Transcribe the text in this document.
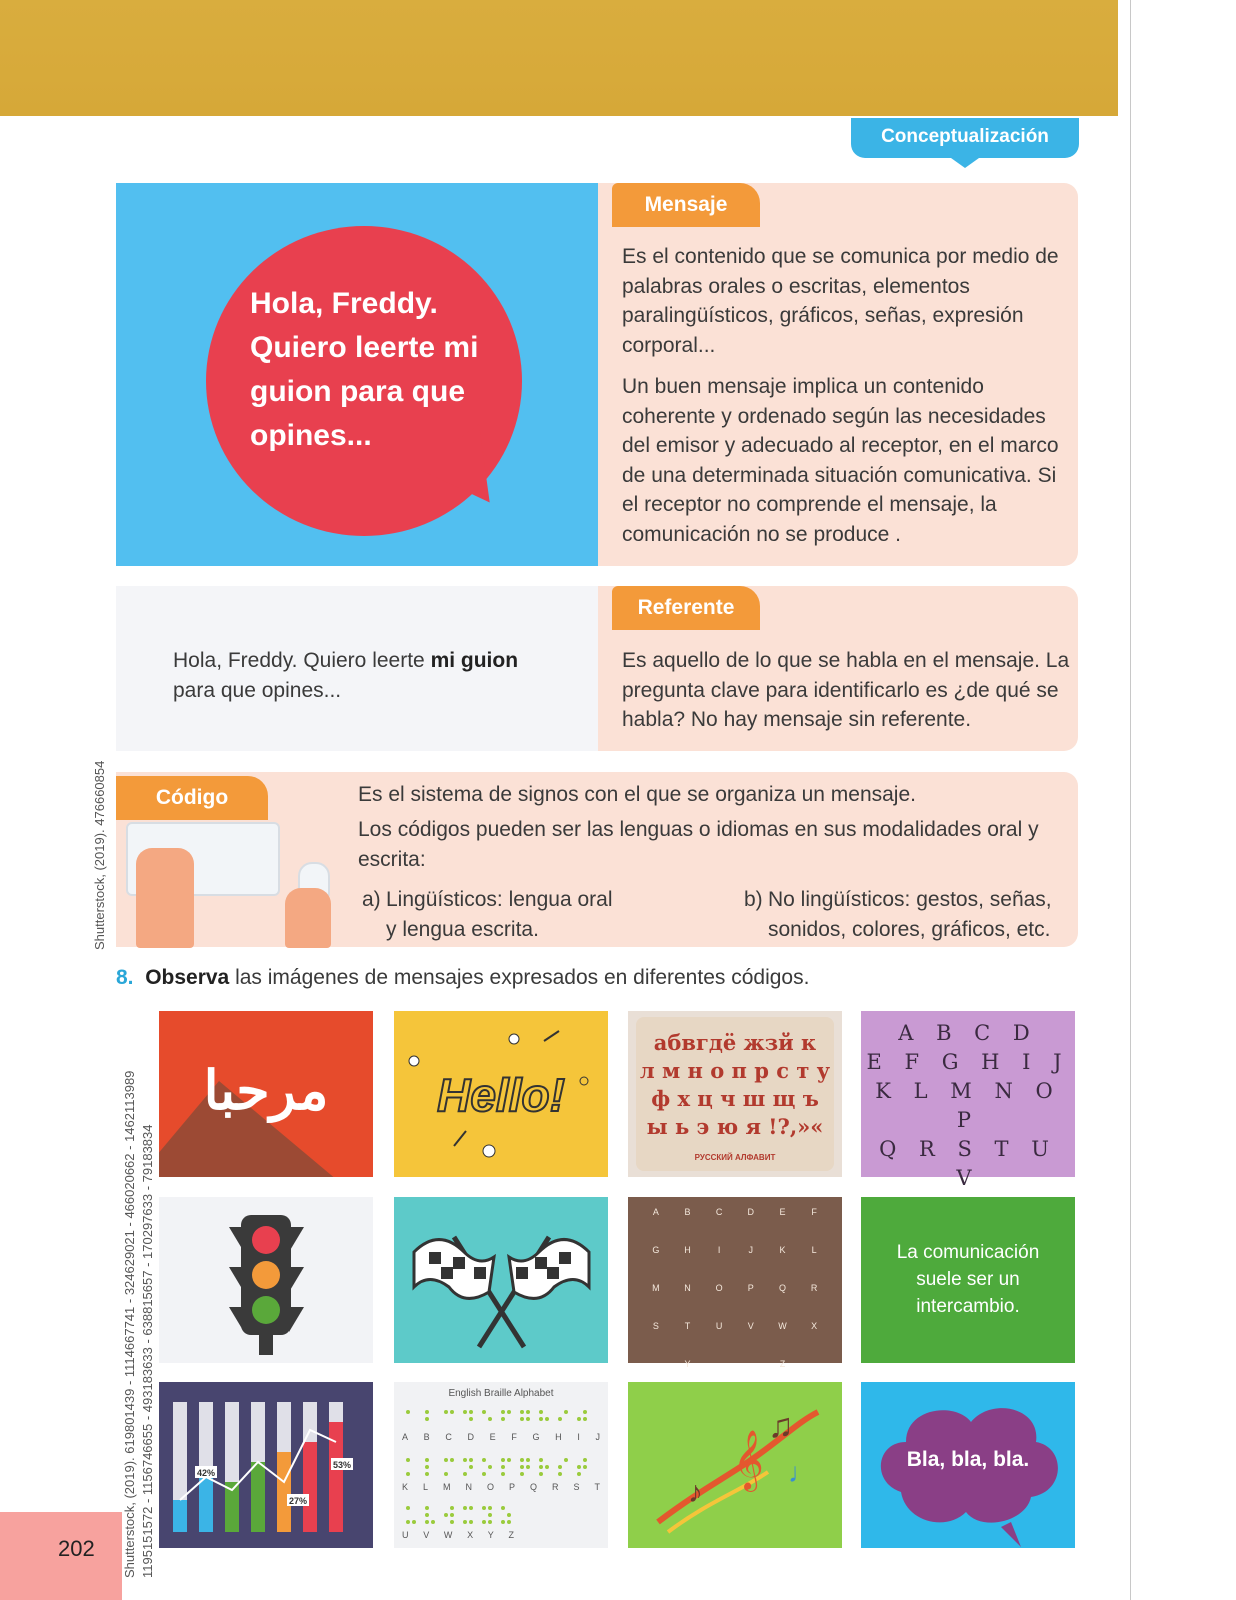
Conceptualización
Hola, Freddy. Quiero leerte mi guion para que opines...
Mensaje
Es el contenido que se comunica por medio de palabras orales o escritas, elementos paralingüísticos, gráficos, señas, expresión corporal...
Un buen mensaje implica un contenido coherente y ordenado según las necesidades del emisor y adecuado al receptor, en el marco de una determinada situación comunicativa. Si el receptor no comprende el mensaje, la comunicación no se produce .
Hola, Freddy. Quiero leerte mi guion para que opines...
Referente
Es aquello de lo que se habla en el mensaje. La pregunta clave para identificarlo es ¿de qué se habla? No hay mensaje sin referente.
Código	Es el sistema de signos con el que se organiza un mensaje.
Los códigos pueden ser las lenguas o idiomas en sus modalidades oral y escrita:
a) Lingüísticos: lengua oral y lengua escrita.
b) No lingüísticos: gestos, señas, sonidos, colores, gráficos, etc.
Shutterstock, (2019). 476660854
Shutterstock, (2019). 619801439 - 1114667741 - 324629021 - 466020662 - 1462113989 1195151572 - 1156746655 - 493183633 - 638815657 - 170297633 - 79183834
8. Observa las imágenes de mensajes expresados en diferentes códigos.
مرحبا	Hello!
абвгдё жзй к
л м н о п р с т у
ф х ц ч ш щ ъ
ы ь э ю я !?,»«
РУССКИЙ АЛФАВИТ
A B C D
E F G H I J
K L M N O P
Q R S T U V
A	B	C	D	E	F
G	H	I	J	K	L
M	N	O	P	Q	R
S	T	U	V	W	X
Y	Z
La comunicación suele ser un intercambio.
42%
27%
53%
English Braille Alphabet
A B C D E F G H I J
K L M N O P Q R S T
U V W X Y Z
𝄞
♫
♪
♩	Bla, bla, bla.
202
